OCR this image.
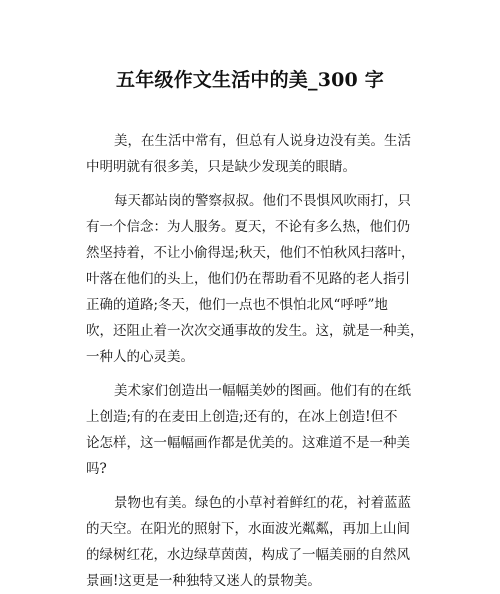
五年级作文生活中的美_300 字
美，在生活中常有，但总有人说身边没有美。生活
中明明就有很多美，只是缺少发现美的眼睛。
每天都站岗的警察叔叔。他们不畏惧风吹雨打，只
有一个信念：为人服务。夏天，不论有多么热，他们仍
然坚持着，不让小偷得逞;秋天，他们不怕秋风扫落叶，
叶落在他们的头上，他们仍在帮助看不见路的老人指引
正确的道路;冬天，他们一点也不惧怕北风“呼呼”地
吹，还阻止着一次次交通事故的发生。这，就是一种美，
一种人的心灵美。
美术家们创造出一幅幅美妙的图画。他们有的在纸
上创造;有的在麦田上创造;还有的，在冰上创造!但不
论怎样，这一幅幅画作都是优美的。这难道不是一种美
吗?
景物也有美。绿色的小草衬着鲜红的花，衬着蓝蓝
的天空。在阳光的照射下，水面波光粼粼，再加上山间
的绿树红花，水边绿草茵茵，构成了一幅美丽的自然风
景画!这更是一种独特又迷人的景物美。
